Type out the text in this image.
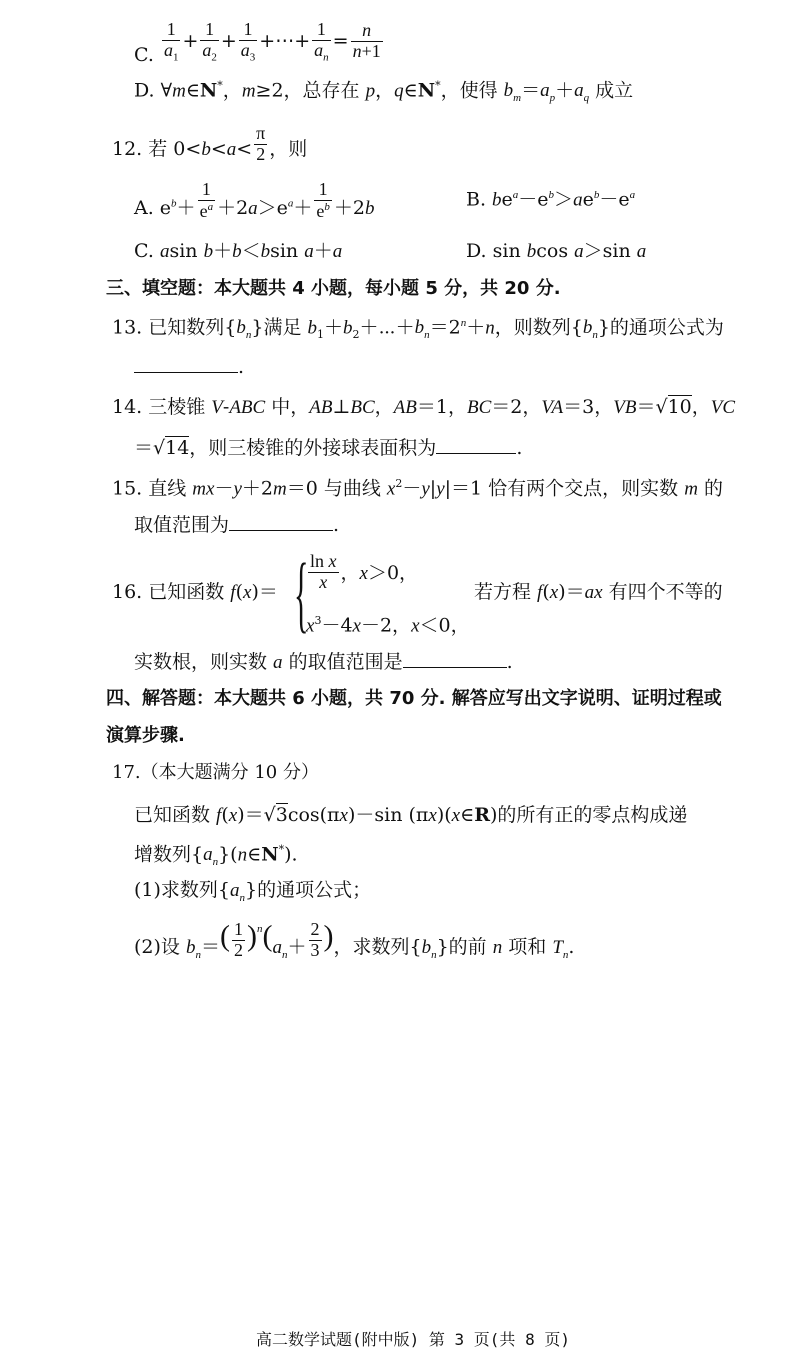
C. $\frac{1}{a_1} + \frac{1}{a_2} + \frac{1}{a_3}$ +⋯+ $\frac{1}{a_n} = \frac{n}{n+1}$
D. ∀m∈N*，m≥2，总存在 p，q∈N*，使得 $b_m=a_p+a_q$ 成立
12. 若 $0<b<a< \frac{\pi}{2}$ ，则
A. $e^b+ \frac{1}{e^a} +2a>e^a+ \frac{1}{e^b} +2b$	B. $be^a-e^b>ae^b-e^a$
C. asin b＋b＜bsin a＋a	D. sin bcos a＞sin a
三、填空题：本大题共 4 小题，每小题 5 分，共 20 分.
13. 已知数列$\{b_n\}$满足 $b_1+b_2+\cdots+b_n=2^n+n$，则数列$\{b_n\}$的通项公式为
.
14. 三棱锥 V-ABC 中，AB⊥BC，AB＝1，BC＝2，VA＝3，VB＝√10，VC
＝√14，则三棱锥的外接球表面积为	.
15. 直线 mx－y＋2m＝0 与曲线 $x^2-y|y|=1$ 恰有两个交点，则实数 m 的
取值范围为	.
16. 已知函数 f(x)＝ { $\frac{\text{ln x}}{x}$ ，x＞0，
$x^3-4x-2$，x＜0，
若方程 f(x)＝ax 有四个不等的
实数根，则实数 a 的取值范围是	.
四、解答题：本大题共 6 小题，共 70 分. 解答应写出文字说明、证明过程或
演算步骤.
17.（本大题满分 10 分）
已知函数 f(x)＝√3cos(πx)－sin (πx)(x∈R)的所有正的零点构成递
增数列$\{a_n\}(n\in N^*)$.
(1)求数列$\{a_n\}$的通项公式；
(2)设 $b_n=( \frac{1}{2} )^n(a_n+ \frac{2}{3}$ )，求数列$\{b_n\}$的前 n 项和 $T_n$.
高二数学试题(附中版) 第 3 页(共 8 页)
